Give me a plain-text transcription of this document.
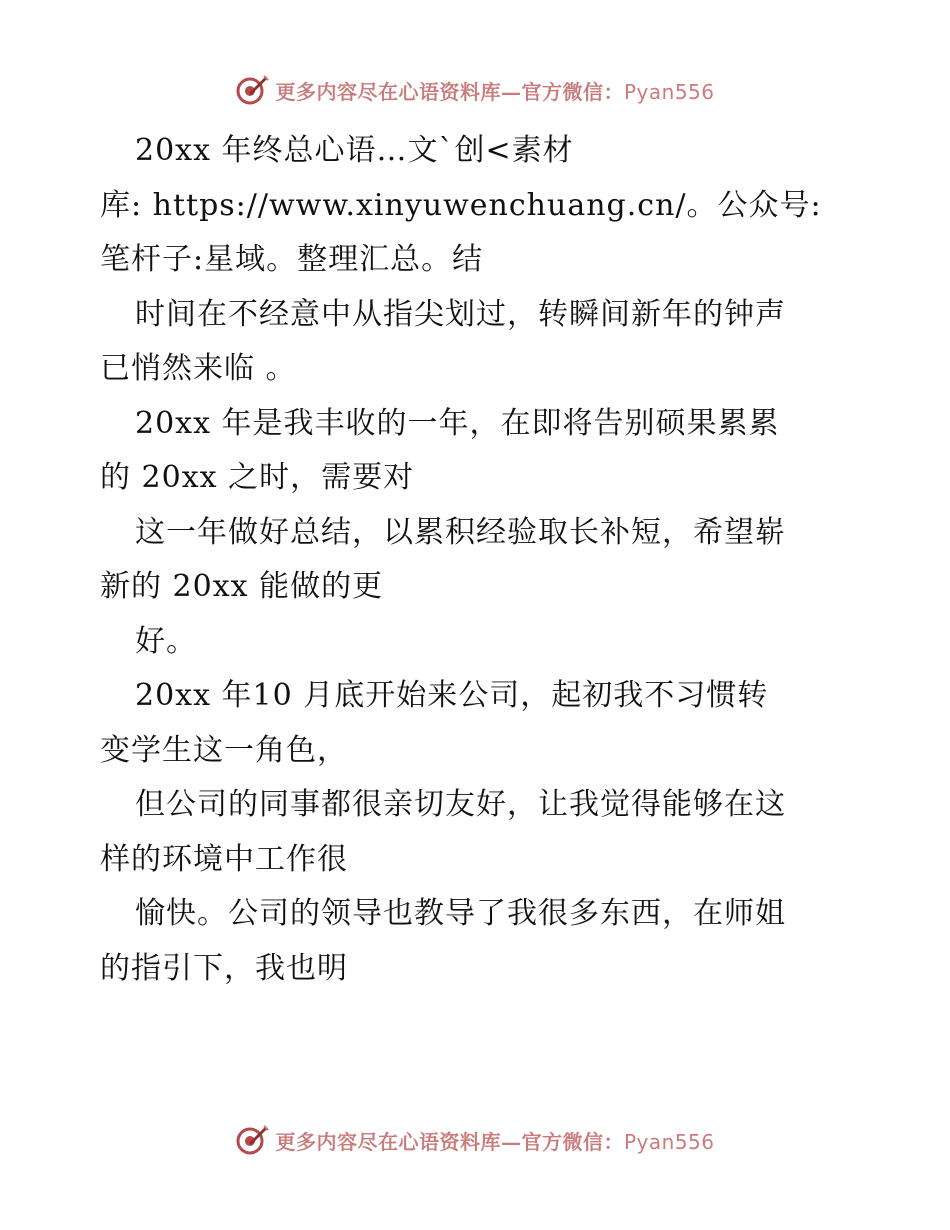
更多内容尽在心语资料库—官方微信：Pyan556

20xx 年终总心语…文`创<素材
库: https://www.xinyuwenchuang.cn/。公众号:
笔杆子:星域。整理汇总。结
时间在不经意中从指尖划过，转瞬间新年的钟声
已悄然来临 。
20xx 年是我丰收的一年，在即将告别硕果累累
的 20xx 之时，需要对
这一年做好总结，以累积经验取长补短，希望崭
新的 20xx 能做的更
好。
20xx 年10 月底开始来公司，起初我不习惯转
变学生这一角色，
但公司的同事都很亲切友好，让我觉得能够在这
样的环境中工作很
愉快。公司的领导也教导了我很多东西，在师姐
的指引下，我也明

更多内容尽在心语资料库—官方微信：Pyan556
